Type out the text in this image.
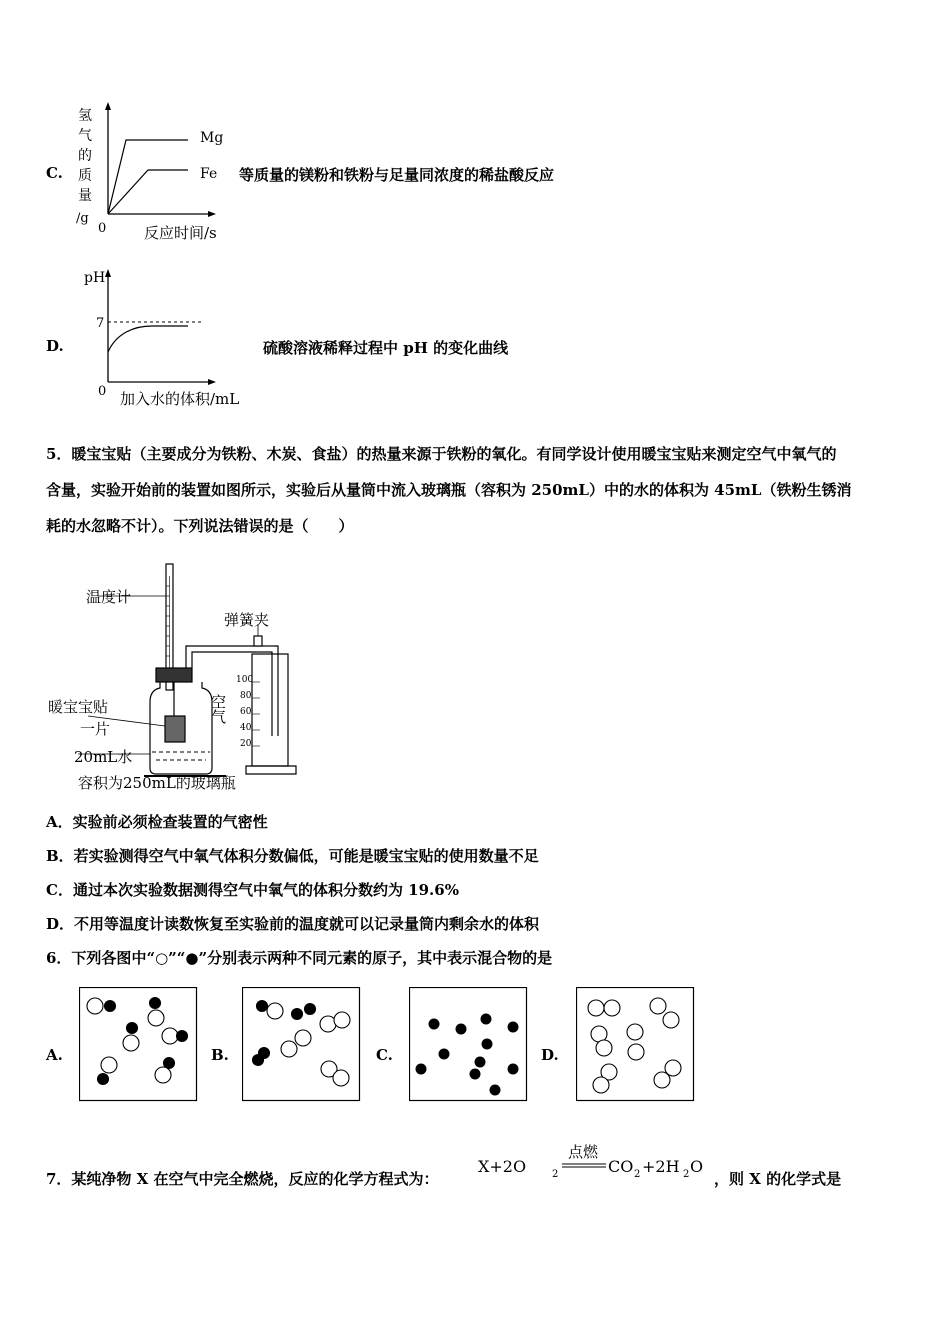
C.
氢
气
的
质
量
/g
0	反应时间/s
Mg
Fe 等质量的镁粉和铁粉与足量同浓度的稀盐酸反应
D.
pH
7
0 加入水的体积/mL
硫酸溶液稀释过程中 pH 的变化曲线
5．暖宝宝贴（主要成分为铁粉、木炭、食盐）的热量来源于铁粉的氧化。有同学设计使用暖宝宝贴来测定空气中氧气的
含量，实验开始前的装置如图所示，实验后从量筒中流入玻璃瓶（容积为 250mL）中的水的体积为 45mL（铁粉生锈消
耗的水忽略不计）。下列说法错误的是（　　）
100
80
60
40
20
温度计
弹簧夹
空气
暖宝宝贴
一片
20mL水
容积为250mL的玻璃瓶
A．实验前必须检查装置的气密性
B．若实验测得空气中氧气体积分数偏低，可能是暖宝宝贴的使用数量不足
C．通过本次实验数据测得空气中氧气的体积分数约为 19.6%
D．不用等温度计读数恢复至实验前的温度就可以记录量筒内剩余水的体积
6．下列各图中“○”“●”分别表示两种不同元素的原子，其中表示混合物的是
A.	B.	C.	D.
7．某纯净物 X 在空气中完全燃烧，反应的化学方程式为：
点燃
X+2O	2	CO 2 +2H 2 O
，则 X 的化学式是
